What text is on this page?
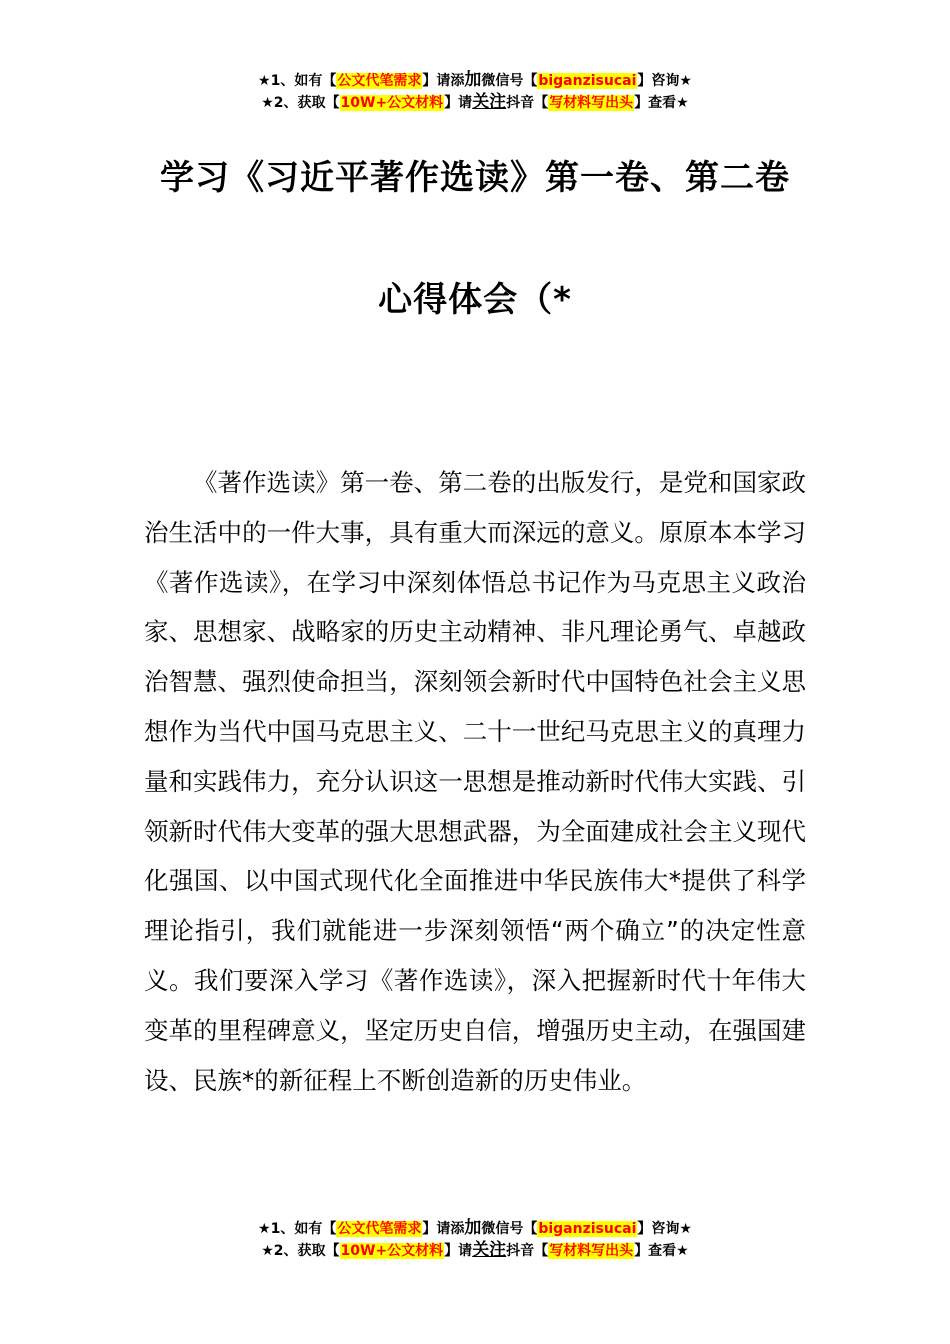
★1、如有【公文代笔需求】请添加微信号【biganzisucai】咨询★
★2、获取【10W+公文材料】请关注抖音【写材料写出头】查看★
学习《习近平著作选读》第一卷、第二卷
心得体会（*

《著作选读》第一卷、第二卷的出版发行，是党和国家政治生活中的一件大事，具有重大而深远的意义。原原本本学习《著作选读》，在学习中深刻体悟总书记作为马克思主义政治家、思想家、战略家的历史主动精神、非凡理论勇气、卓越政治智慧、强烈使命担当，深刻领会新时代中国特色社会主义思想作为当代中国马克思主义、二十一世纪马克思主义的真理力量和实践伟力，充分认识这一思想是推动新时代伟大实践、引领新时代伟大变革的强大思想武器，为全面建成社会主义现代化强国、以中国式现代化全面推进中华民族伟大*提供了科学理论指引，我们就能进一步深刻领悟“两个确立”的决定性意义。我们要深入学习《著作选读》，深入把握新时代十年伟大变革的里程碑意义，坚定历史自信，增强历史主动，在强国建设、民族*的新征程上不断创造新的历史伟业。

★1、如有【公文代笔需求】请添加微信号【biganzisucai】咨询★
★2、获取【10W+公文材料】请关注抖音【写材料写出头】查看★
